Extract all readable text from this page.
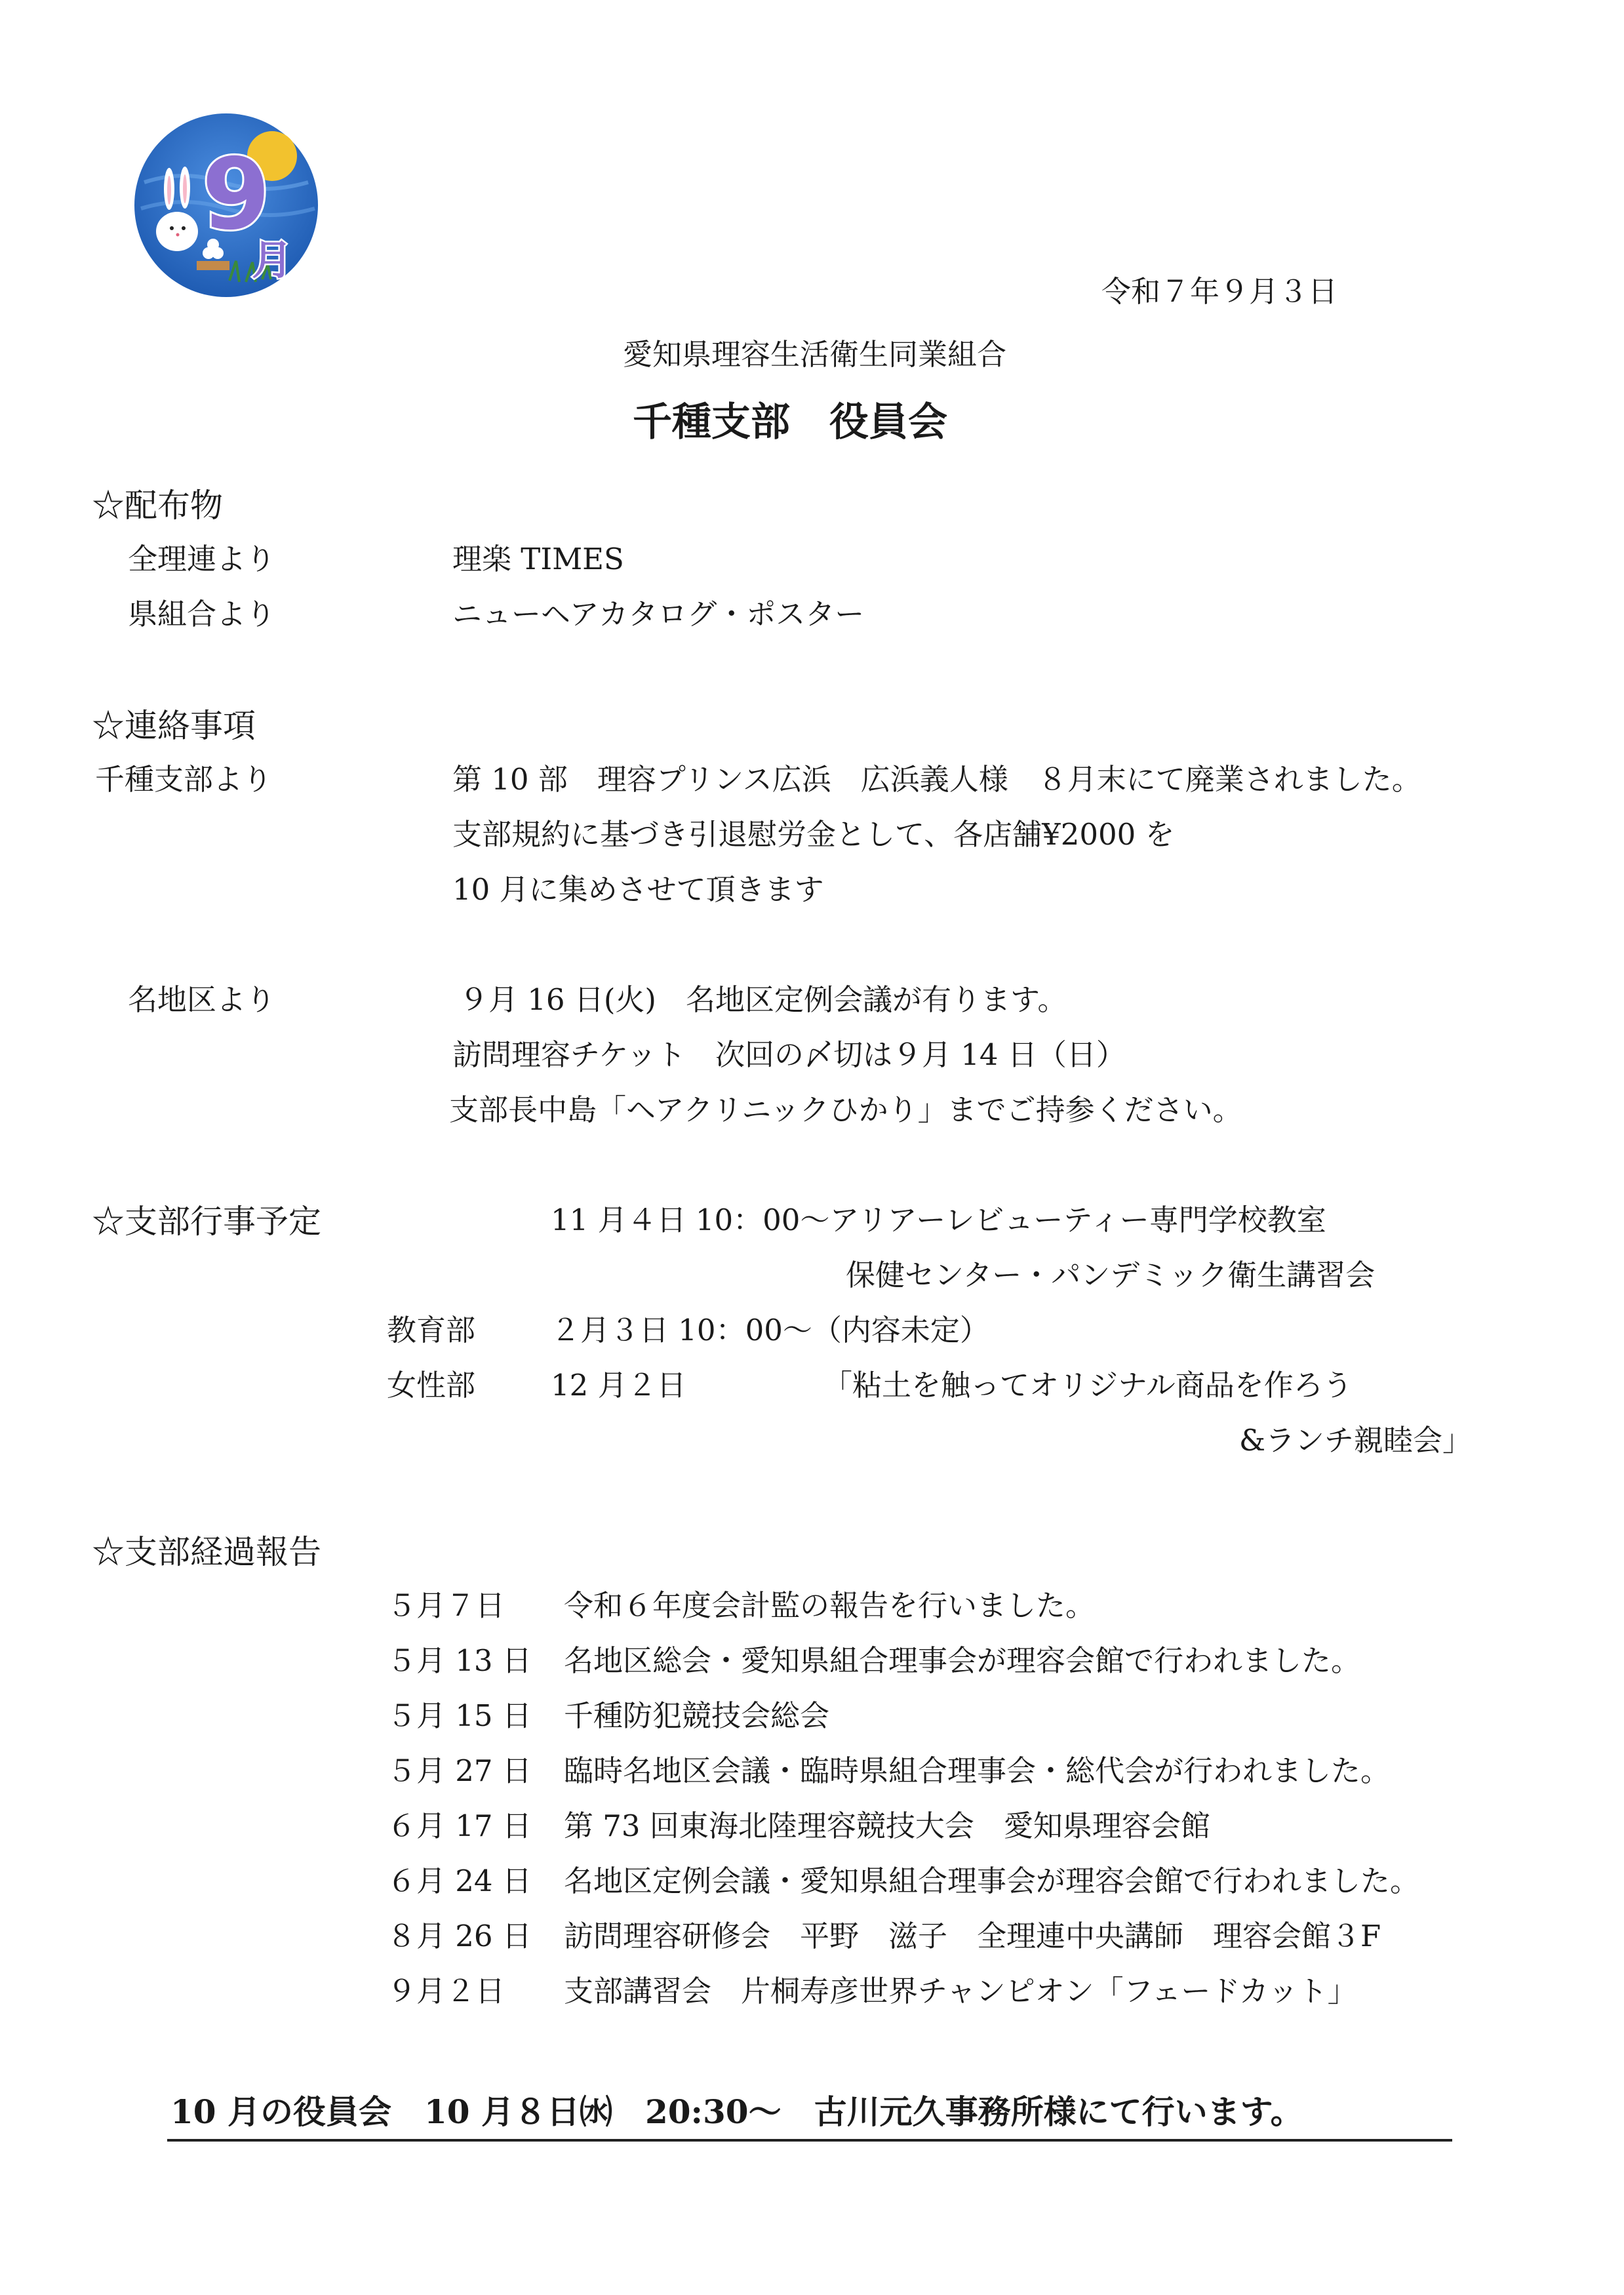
9
月
令和７年９月３日
愛知県理容生活衛生同業組合
千種支部　役員会
☆配布物
全理連より	理楽 TIMES
県組合より	ニューヘアカタログ・ポスター
☆連絡事項
千種支部より	第 10 部　理容プリンス広浜　広浜義人様　８月末にて廃業されました。
支部規約に基づき引退慰労金として、各店舗¥2000 を
10 月に集めさせて頂きます
名地区より	９月 16 日(火)　名地区定例会議が有ります。
訪問理容チケット　次回の〆切は９月 14 日（日）
支部長中島「ヘアクリニックひかり」までご持参ください。
☆支部行事予定	11 月４日 10：00～アリアーレビューティー専門学校教室
保健センター・パンデミック衛生講習会
教育部	２月３日 10：00～（内容未定）
女性部	12 月２日	「粘土を触ってオリジナル商品を作ろう
&ランチ親睦会」
☆支部経過報告
５月７日 令和６年度会計監の報告を行いました。
５月 13 日 名地区総会・愛知県組合理事会が理容会館で行われました。
５月 15 日 千種防犯競技会総会
５月 27 日 臨時名地区会議・臨時県組合理事会・総代会が行われました。
６月 17 日 第 73 回東海北陸理容競技大会　愛知県理容会館
６月 24 日 名地区定例会議・愛知県組合理事会が理容会館で行われました。
８月 26 日 訪問理容研修会　平野　滋子　全理連中央講師　理容会館３F
９月２日 支部講習会　片桐寿彦世界チャンピオン「フェードカット」
10 月の役員会　10 月８日㈬　20:30～　古川元久事務所様にて行います。
